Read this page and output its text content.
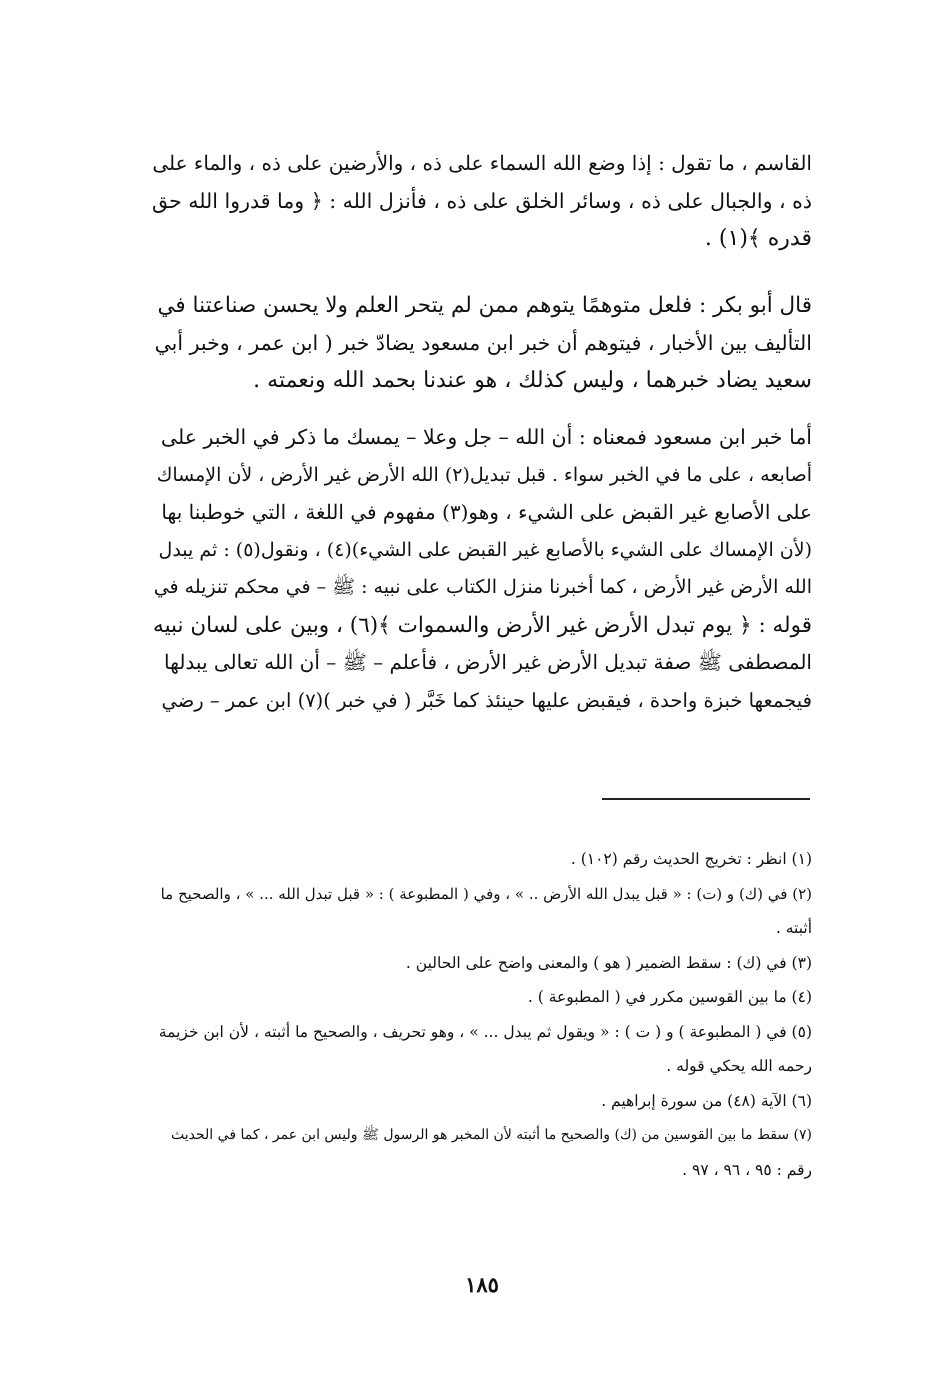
القاسم ، ما تقول : إذا وضع الله السماء على ذه ، والأرضين على ذه ، والماء على
ذه ، والجبال على ذه ، وسائر الخلق على ذه ، فأنزل الله : ﴿ وما قدروا الله حق
قدره ﴾(١) .
قال أبو بكر : فلعل متوهمًا يتوهم ممن لم يتحر العلم ولا يحسن صناعتنا في
التأليف بين الأخبار ، فيتوهم أن خبر ابن مسعود يضادّ خبر ( ابن عمر ، وخبر أبي
سعيد يضاد خبرهما ، وليس كذلك ، هو عندنا بحمد الله ونعمته .
أما خبر ابن مسعود فمعناه : أن الله – جل وعلا – يمسك ما ذكر في الخبر على
أصابعه ، على ما في الخبر سواء . قبل تبديل(٢) الله الأرض غير الأرض ، لأن الإمساك
على الأصابع غير القبض على الشيء ، وهو(٣) مفهوم في اللغة ، التي خوطبنا بها
(لأن الإمساك على الشيء بالأصابع غير القبض على الشيء)(٤) ، ونقول(٥) : ثم يبدل
الله الأرض غير الأرض ، كما أخبرنا منزل الكتاب على نبيه : ﷺ – في محكم تنزيله في
قوله : ﴿ يوم تبدل الأرض غير الأرض والسموات ﴾(٦) ، وبين على لسان نبيه
المصطفى ﷺ صفة تبديل الأرض غير الأرض ، فأعلم – ﷺ – أن الله تعالى يبدلها
فيجمعها خبزة واحدة ، فيقبض عليها حينئذ كما خَبَّر ( في خبر )(٧) ابن عمر – رضي
(١) انظر : تخريج الحديث رقم (١٠٢) .
(٢) في (ك) و (ت) : « قبل يبدل الله الأرض .. » ، وفي ( المطبوعة ) : « قبل تبدل الله ... » ، والصحيح ما
أثبته .
(٣) في (ك) : سقط الضمير ( هو ) والمعنى واضح على الحالين .
(٤) ما بين القوسين مكرر في ( المطبوعة ) .
(٥) في ( المطبوعة ) و ( ت ) : « ويقول ثم يبدل ... » ، وهو تحريف ، والصحيح ما أثبته ، لأن ابن خزيمة
رحمه الله يحكي قوله .
(٦) الآية (٤٨) من سورة إبراهيم .
(٧) سقط ما بين القوسين من (ك) والصحيح ما أثبته لأن المخبر هو الرسول ﷺ وليس ابن عمر ، كما في الحديث
رقم : ٩٥ ، ٩٦ ، ٩٧ .
١٨٥
